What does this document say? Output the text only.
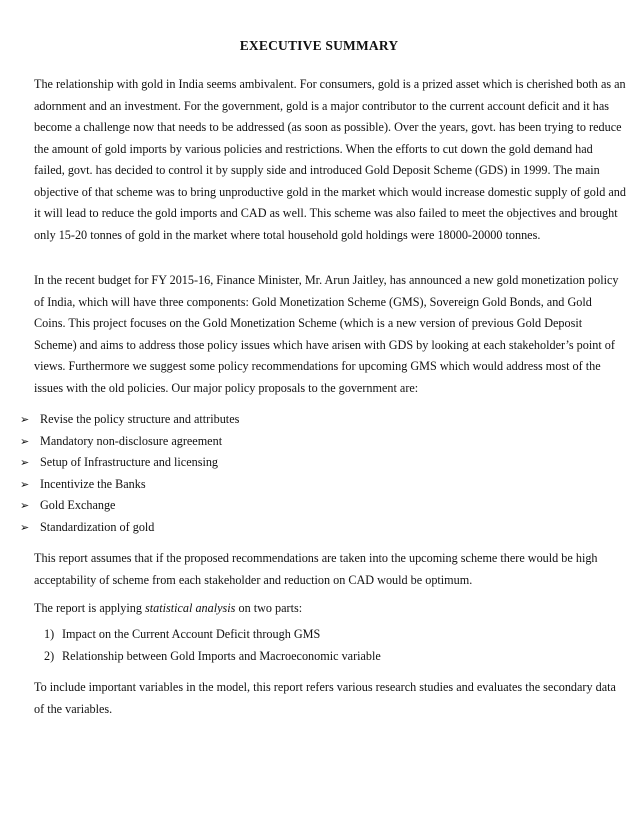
EXECUTIVE SUMMARY

The relationship with gold in India seems ambivalent. For consumers, gold is a prized asset which is cherished both as an adornment and an investment. For the government, gold is a major contributor to the current account deficit and it has become a challenge now that needs to be addressed (as soon as possible). Over the years, govt. has been trying to reduce the amount of gold imports by various policies and restrictions. When the efforts to cut down the gold demand had failed, govt. has decided to control it by supply side and introduced Gold Deposit Scheme (GDS) in 1999. The main objective of that scheme was to bring unproductive gold in the market which would increase domestic supply of gold and it will lead to reduce the gold imports and CAD as well. This scheme was also failed to meet the objectives and brought only 15-20 tonnes of gold in the market where total household gold holdings were 18000-20000 tonnes.

In the recent budget for FY 2015-16, Finance Minister, Mr. Arun Jaitley, has announced a new gold monetization policy of India, which will have three components: Gold Monetization Scheme (GMS), Sovereign Gold Bonds, and Gold Coins. This project focuses on the Gold Monetization Scheme (which is a new version of previous Gold Deposit Scheme) and aims to address those policy issues which have arisen with GDS by looking at each stakeholder’s point of views. Furthermore we suggest some policy recommendations for upcoming GMS which would address most of the issues with the old policies. Our major policy proposals to the government are:

➢ Revise the policy structure and attributes
➢ Mandatory non-disclosure agreement
➢ Setup of Infrastructure and licensing
➢ Incentivize the Banks
➢ Gold Exchange
➢ Standardization of gold

This report assumes that if the proposed recommendations are taken into the upcoming scheme there would be high acceptability of scheme from each stakeholder and reduction on CAD would be optimum.

The report is applying statistical analysis on two parts:

1) Impact on the Current Account Deficit through GMS
2) Relationship between Gold Imports and Macroeconomic variable

To include important variables in the model, this report refers various research studies and evaluates the secondary data of the variables.
